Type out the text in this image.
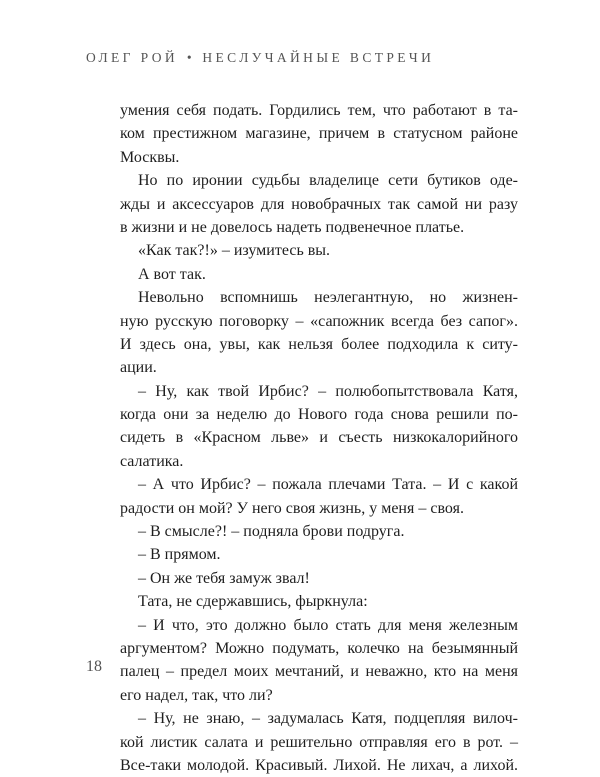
ОЛЕГ РОЙ • НЕСЛУЧАЙНЫЕ ВСТРЕЧИ
умения себя подать. Гордились тем, что работают в та-
ком престижном магазине, причем в статусном районе
Москвы.
Но по иронии судьбы владелице сети бутиков оде-
жды и аксессуаров для новобрачных так самой ни разу
в жизни и не довелось надеть подвенечное платье.
«Как так?!» – изумитесь вы.
А вот так.
Невольно вспомнишь неэлегантную, но жизнен-
ную русскую поговорку – «сапожник всегда без сапог».
И здесь она, увы, как нельзя более подходила к ситу-
ации.
– Ну, как твой Ирбис? – полюбопытствовала Катя,
когда они за неделю до Нового года снова решили по-
сидеть в «Красном льве» и съесть низкокалорийного
салатика.
– А что Ирбис? – пожала плечами Тата. – И с какой
радости он мой? У него своя жизнь, у меня – своя.
– В смысле?! – подняла брови подруга.
– В прямом.
– Он же тебя замуж звал!
Тата, не сдержавшись, фыркнула:
– И что, это должно было стать для меня железным
аргументом? Можно подумать, колечко на безымянный
палец – предел моих мечтаний, и неважно, кто на меня
его надел, так, что ли?
– Ну, не знаю, – задумалась Катя, подцепляя вилоч-
кой листик салата и решительно отправляя его в рот. –
Все-таки молодой. Красивый. Лихой. Не лихач, а лихой.
18
